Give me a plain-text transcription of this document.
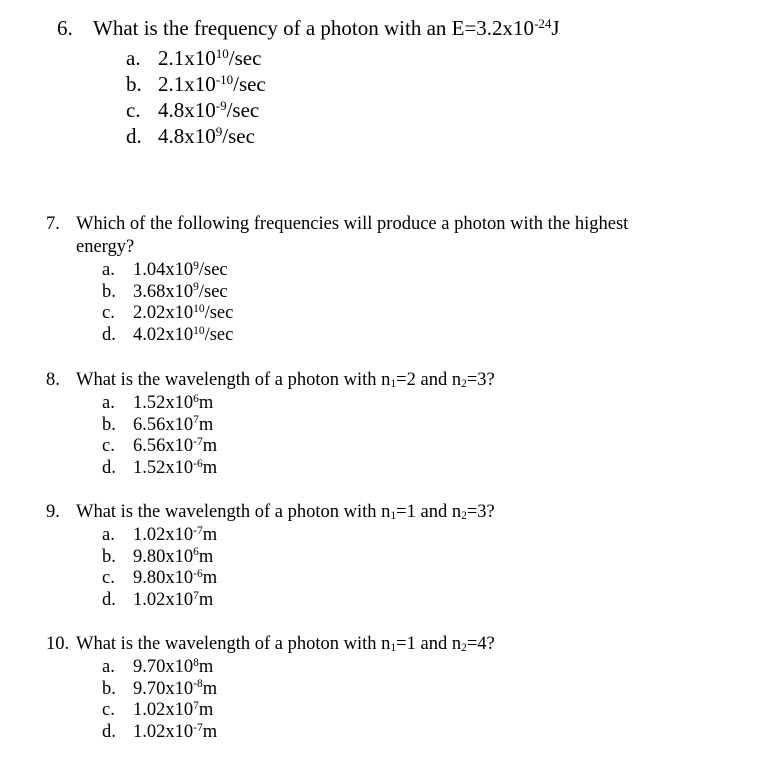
6. What is the frequency of a photon with an $E=3.2x10^{-24}J$
a. $2.1x10^{10}/\sec$
b. $2.1x10^{-10}/\sec$
c. $4.8x10^{-9}/\sec$
d. $4.8x10^9/\sec$
7. Which of the following frequencies will produce a photon with the highest
energy?
a. $1.04x10^9/\sec$
b. $3.68x10^9/\sec$
c. $2.02x10^{10}/\sec$
d. $4.02x10^{10}/\sec$
8. What is the wavelength of a photon with $n_1=2$ and $n_2=3$?
a. $1.52x10^6m$
b. $6.56x10^7m$
c. $6.56x10^{-7}m$
d. $1.52x10^{-6}m$
9. What is the wavelength of a photon with $n_1=1$ and $n_2=3$?
a. $1.02x10^{-7}m$
b. $9.80x10^6m$
c. $9.80x10^{-6}m$
d. $1.02x10^7m$
10. What is the wavelength of a photon with $n_1=1$ and $n_2=4$?
a. $9.70x10^8m$
b. $9.70x10^{-8}m$
c. $1.02x10^7m$
d. $1.02x10^{-7}m$
